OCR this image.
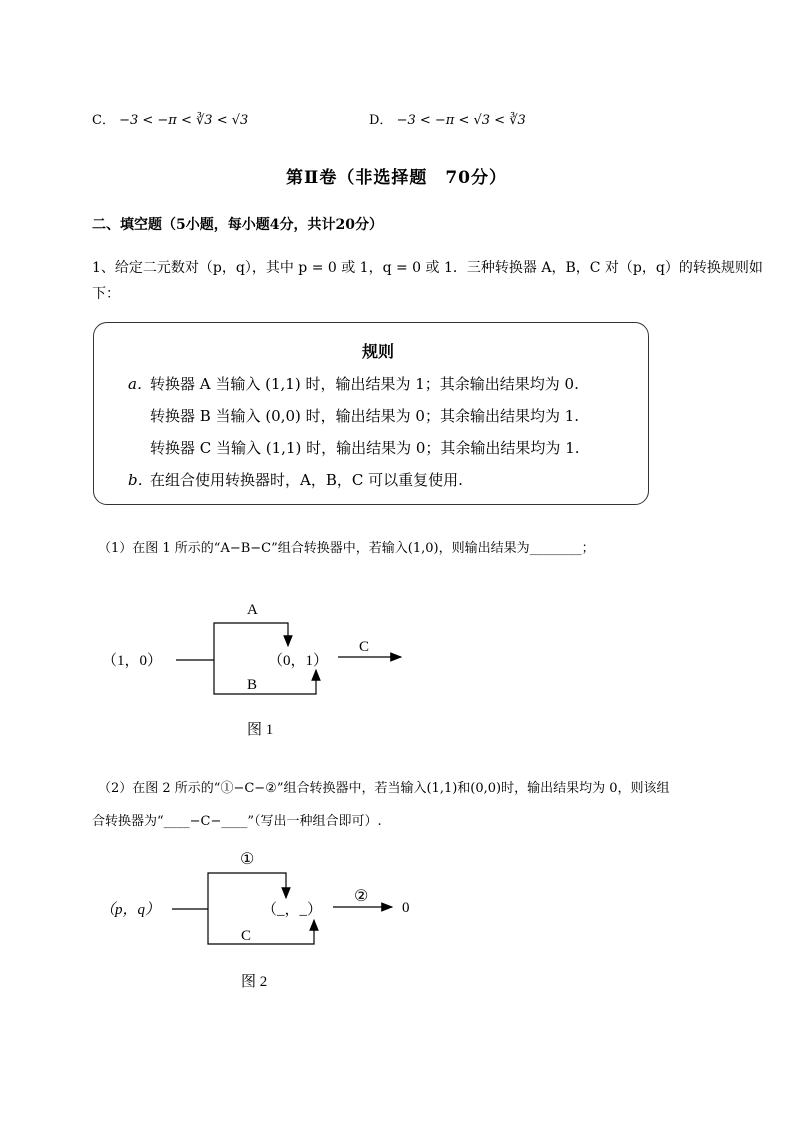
C． −3 < −π < ∛3 < √3	D． −3 < −π < √3 < ∛3
第Ⅱ卷（非选择题　70分）
二、填空题（5小题，每小题4分，共计20分）
1、给定二元数对（p，q），其中 p = 0 或 1，q = 0 或 1．三种转换器 A，B，C 对（p，q）的转换规则如
下：
规则
a．
转换器 A 当输入 (1,1) 时，输出结果为 1；其余输出结果均为 0.
转换器 B 当输入 (0,0) 时，输出结果为 0；其余输出结果均为 1.
转换器 C 当输入 (1,1) 时，输出结果为 0；其余输出结果均为 1.
b．
在组合使用转换器时，A，B，C 可以重复使用.
（1）在图 1 所示的“A−B−C”组合转换器中，若输入(1,0)，则输出结果为________；
（1，0）
A
B
（0，1）
C
图 1
（2）在图 2 所示的“①−C−②”组合转换器中，若当输入(1,1)和(0,0)时，输出结果均为 0，则该组
合转换器为“____−C−____”（写出一种组合即可）.
（p，q）
①
C
（_，_）
②
0
图 2
